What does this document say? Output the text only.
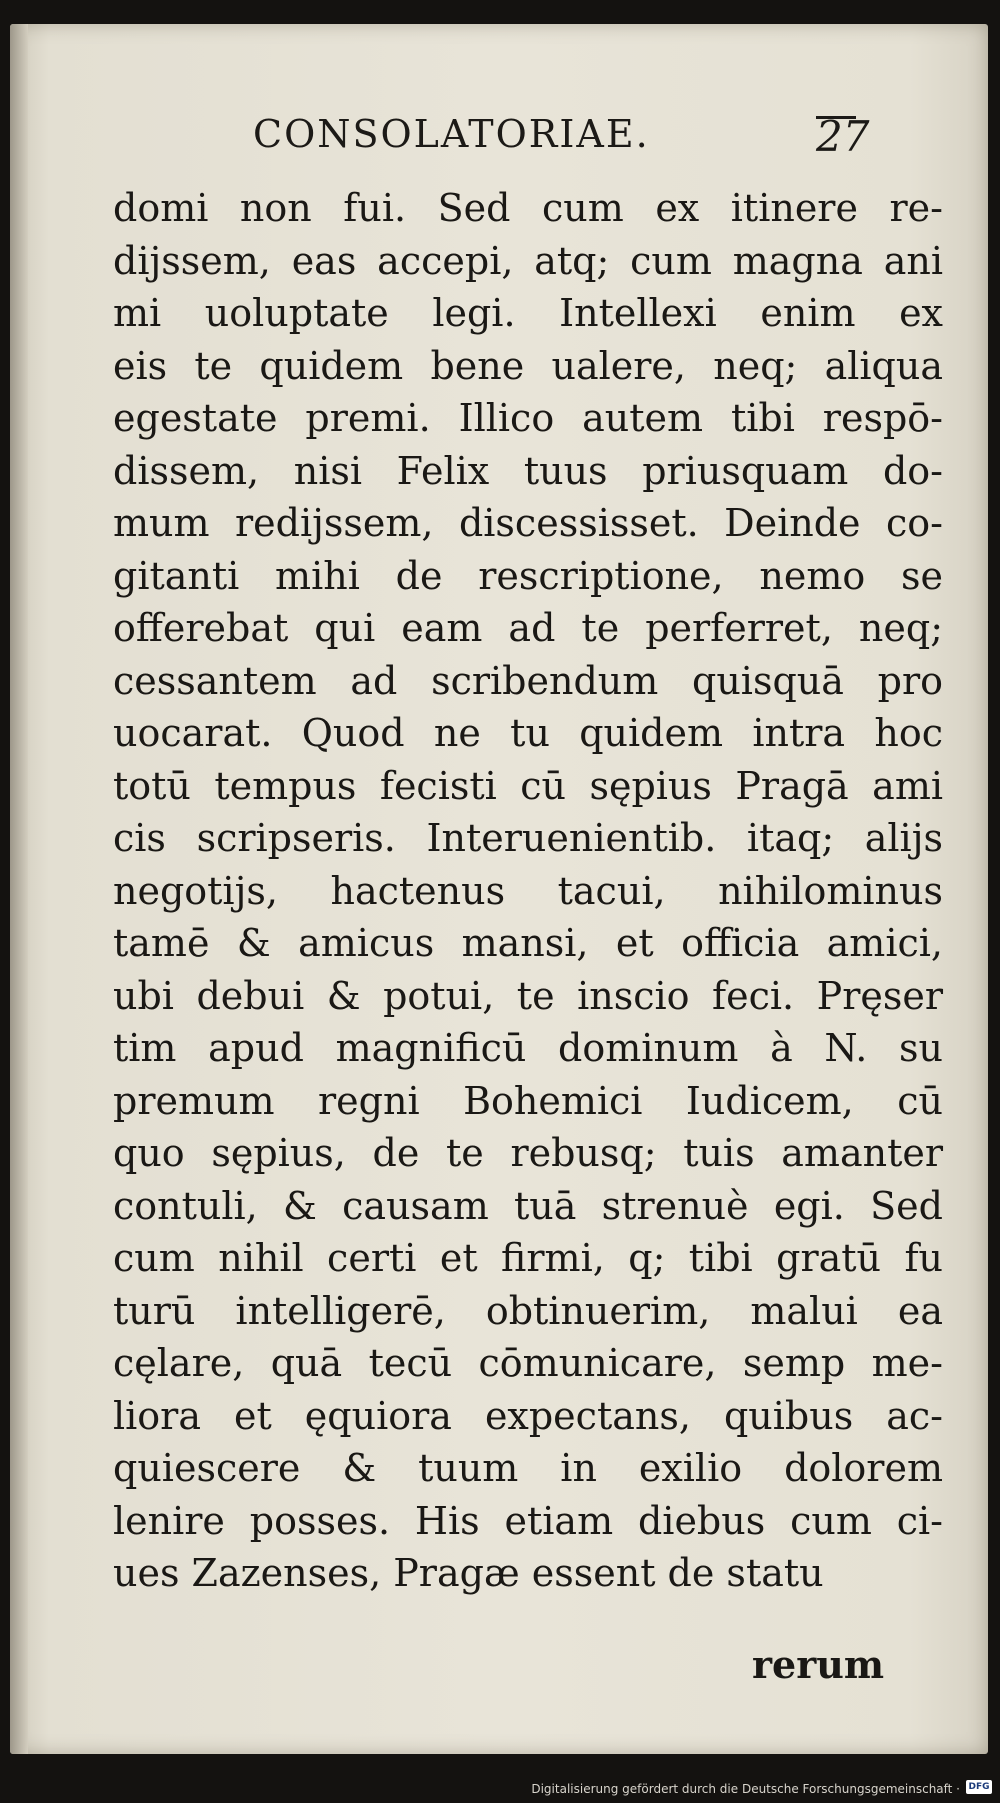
CONSOLATORIAE.	27
domi non fui. Sed cum ex itinere re-
dijssem, eas accepi, atq; cum magna ani
mi uoluptate legi. Intellexi enim ex
eis te quidem bene ualere, neq; aliqua
egestate premi. Illico autem tibi respō-
dissem, nisi Felix tuus priusquam do-
mum redijssem, discessisset. Deinde co-
gitanti mihi de rescriptione, nemo se
offerebat qui eam ad te perferret, neq;
cessantem ad scribendum quisquā pro
uocarat. Quod ne tu quidem intra hoc
totū tempus fecisti cū sępius Pragā ami
cis scripseris. Interuenientib. itaq; alijs
negotijs, hactenus tacui, nihilominus
tamē & amicus mansi, et officia amici,
ubi debui & potui, te inscio feci. Pręser
tim apud magnificū dominum à N. su
premum regni Bohemici Iudicem, cū
quo sępius, de te rebusq; tuis amanter
contuli, & causam tuā strenuè egi. Sed
cum nihil certi et firmi, q; tibi gratū fu
turū intelligerē, obtinuerim, malui ea
cęlare, quā tecū cōmunicare, semp me-
liora et ęquiora expectans, quibus ac-
quiescere & tuum in exilio dolorem
lenire posses. His etiam diebus cum ci-
ues Zazenses, Pragæ essent de statu
rerum
Digitalisierung gefördert durch die Deutsche Forschungsgemeinschaft · DFG
